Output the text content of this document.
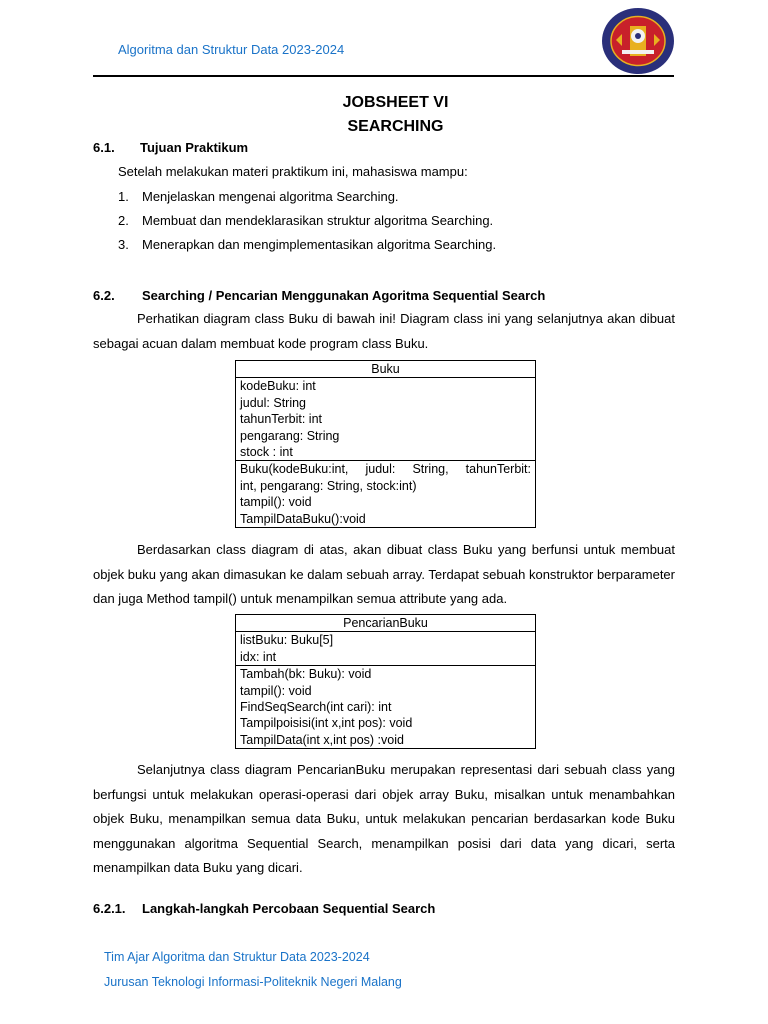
Algoritma dan Struktur Data 2023-2024
JOBSHEET VI
SEARCHING
6.1. Tujuan Praktikum
Setelah melakukan materi praktikum ini, mahasiswa mampu:
1. Menjelaskan mengenai algoritma Searching.
2. Membuat dan mendeklarasikan struktur algoritma Searching.
3. Menerapkan dan mengimplementasikan algoritma Searching.
6.2. Searching / Pencarian Menggunakan Agoritma Sequential Search
Perhatikan diagram class Buku di bawah ini! Diagram class ini yang selanjutnya akan dibuat sebagai acuan dalam membuat kode program class Buku.
Buku
kodeBuku: int
judul: String
tahunTerbit: int
pengarang: String
stock : int
Buku(kodeBuku:int, judul: String, tahunTerbit:
int, pengarang: String, stock:int)
tampil(): void
TampilDataBuku():void
Berdasarkan class diagram di atas, akan dibuat class Buku yang berfunsi untuk membuat objek buku yang akan dimasukan ke dalam sebuah array. Terdapat sebuah konstruktor berparameter dan juga Method tampil() untuk menampilkan semua attribute yang ada.
PencarianBuku
listBuku: Buku[5]
idx: int
Tambah(bk: Buku): void
tampil(): void
FindSeqSearch(int cari): int
Tampilpoisisi(int x,int pos): void
TampilData(int x,int pos) :void
Selanjutnya class diagram PencarianBuku merupakan representasi dari sebuah class yang berfungsi untuk melakukan operasi-operasi dari objek array Buku, misalkan untuk menambahkan objek Buku, menampilkan semua data Buku, untuk melakukan pencarian berdasarkan kode Buku menggunakan algoritma Sequential Search, menampilkan posisi dari data yang dicari, serta menampilkan data Buku yang dicari.
6.2.1. Langkah-langkah Percobaan Sequential Search
Tim Ajar Algoritma dan Struktur Data 2023-2024
Jurusan Teknologi Informasi-Politeknik Negeri Malang
